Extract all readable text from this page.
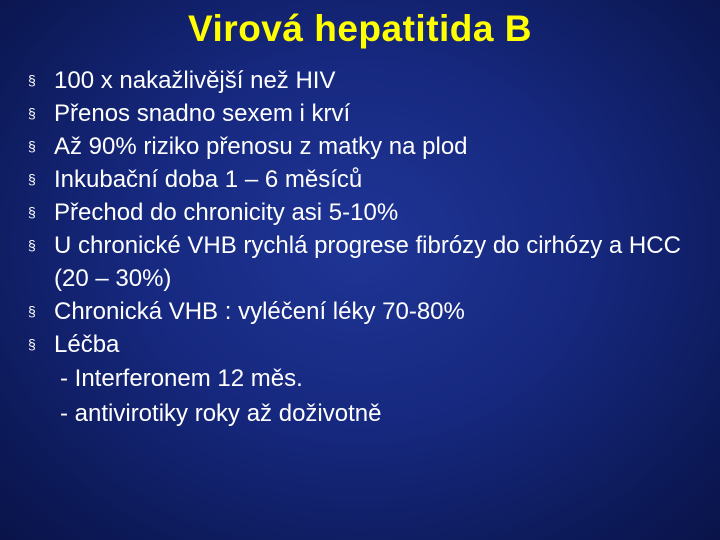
Virová hepatitida B
§ 100 x nakažlivější než HIV
§ Přenos snadno sexem i krví
§ Až 90% riziko přenosu z matky na plod
§ Inkubační doba 1 – 6 měsíců
§ Přechod do chronicity asi 5-10%
§ U chronické VHB rychlá progrese fibrózy do cirhózy a HCC (20 – 30%)
§ Chronická VHB : vyléčení léky 70-80%
§ Léčba
- Interferonem 12 měs.
- antivirotiky roky až doživotně
